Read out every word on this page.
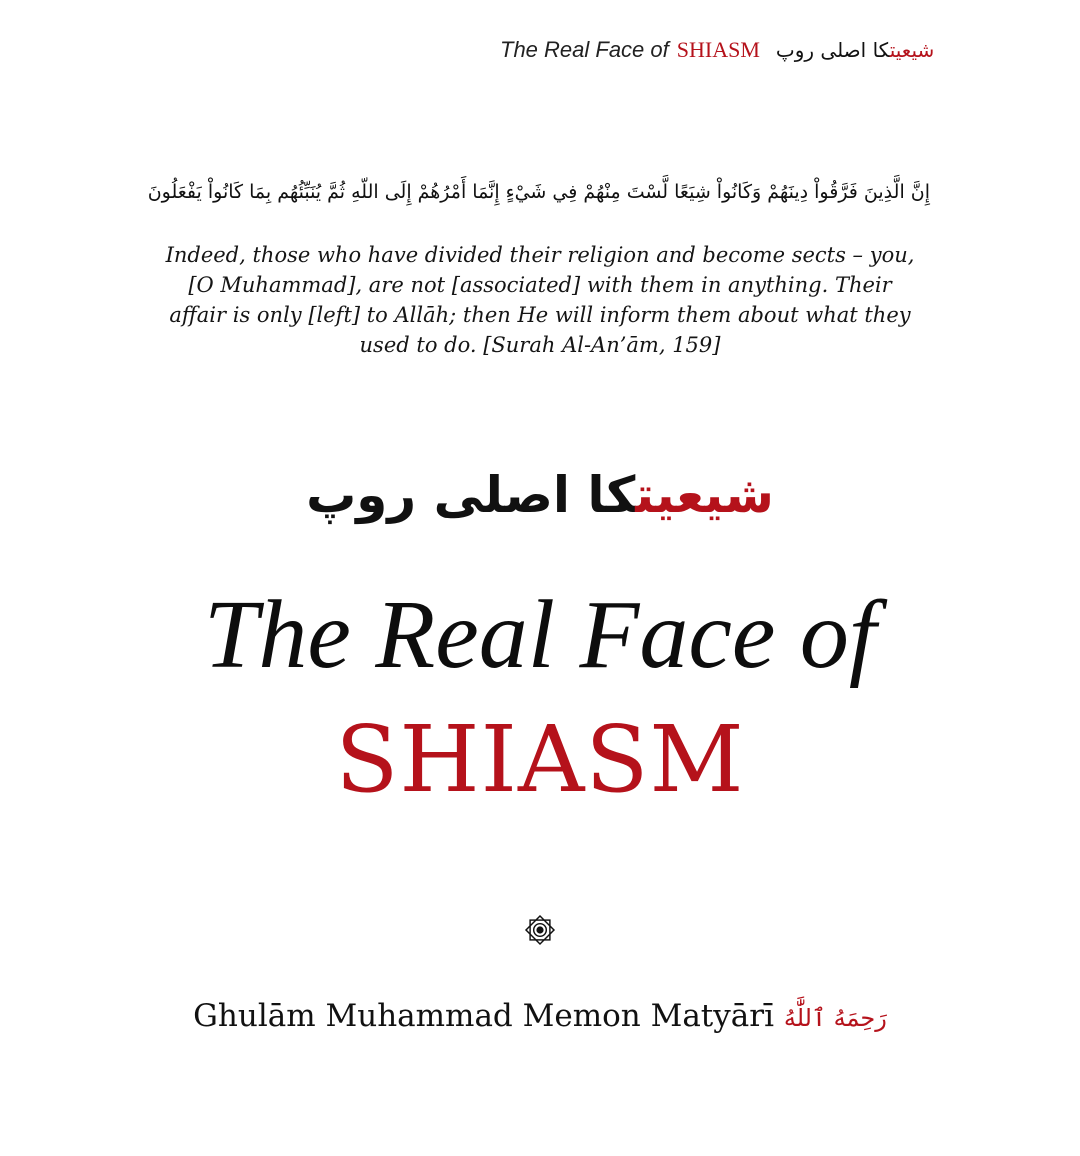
The Real Face of SHIASM	شیعیتکا اصلی روپ
إِنَّ الَّذِينَ فَرَّقُواْ دِينَهُمْ وَكَانُواْ شِيَعًا لَّسْتَ مِنْهُمْ فِي شَيْءٍ إِنَّمَا أَمْرُهُمْ إِلَى اللّهِ ثُمَّ يُنَبِّئُهُم بِمَا كَانُواْ يَفْعَلُونَ
Indeed, those who have divided their religion and become sects – you, [O Muhammad], are not [associated] with them in anything. Their affair is only [left] to Allāh; then He will inform them about what they used to do. [Surah Al-An’ām, 159]
شیعیتکا اصلی روپ
The Real Face of
SHIASM
Ghulām Muhammad Memon Matyārī رَحِمَهُ ٱللَّٰهُ
